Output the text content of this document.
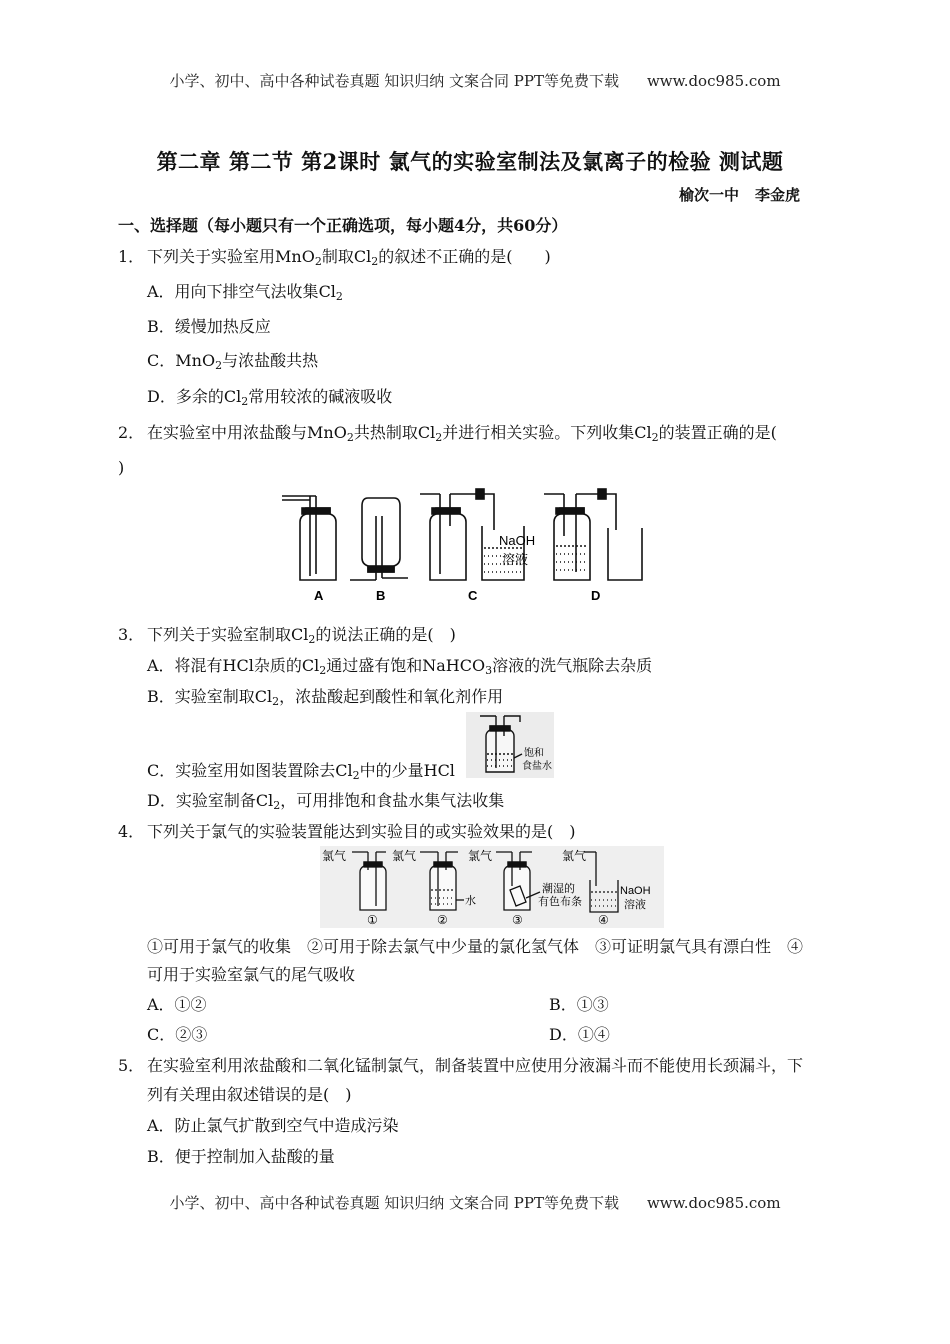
小学、初中、高中各种试卷真题 知识归纳 文案合同 PPT等免费下载 www.doc985.com
第二章 第二节 第2课时 氯气的实验室制法及氯离子的检验 测试题
榆次一中 李金虎
一、选择题（每小题只有一个正确选项，每小题4分，共60分）
1． 下列关于实验室用MnO$_2$制取$Cl_2$的叙述不正确的是(　　)
A．用向下排空气法收集$Cl_2$
B．缓慢加热反应
C．MnO$_2$与浓盐酸共热
D．多余的$Cl_2$常用较浓的碱液吸收
2． 在实验室中用浓盐酸与MnO$_2$共热制取$Cl_2$并进行相关实验。下列收集$Cl_2$的装置正确的是(
)
NaOH
溶液
A	B	C	D
3． 下列关于实验室制取$Cl_2$的说法正确的是(　)
A．将混有HCl杂质的$Cl_2$通过盛有饱和NaHCO$_3$溶液的洗气瓶除去杂质
B．实验室制取$Cl_2$，浓盐酸起到酸性和氧化剂作用
C．实验室用如图装置除去$Cl_2$中的少量HCl
饱和
食盐水
D．实验室制备$Cl_2$，可用排饱和食盐水集气法收集
4． 下列关于氯气的实验装置能达到实验目的或实验效果的是(　)
氯气	氯气	氯气	氯气
水
潮湿的
有色布条
NaOH
溶液
①	②	③	④
①可用于氯气的收集　②可用于除去氯气中少量的氯化氢气体　③可证明氯气具有漂白性　④
可用于实验室氯气的尾气吸收
A．①②	B．①③
C．②③	D．①④
5． 在实验室利用浓盐酸和二氧化锰制氯气，制备装置中应使用分液漏斗而不能使用长颈漏斗，下
列有关理由叙述错误的是(　)
A．防止氯气扩散到空气中造成污染
B．便于控制加入盐酸的量
小学、初中、高中各种试卷真题 知识归纳 文案合同 PPT等免费下载 www.doc985.com
